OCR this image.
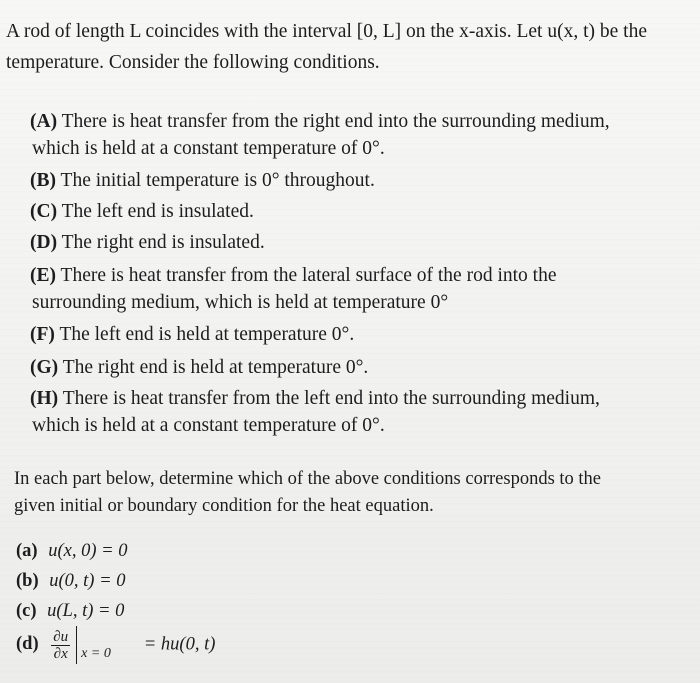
A rod of length L coincides with the interval [0, L] on the x-axis. Let u(x, t) be the
temperature. Consider the following conditions.
(A) There is heat transfer from the right end into the surrounding medium,
which is held at a constant temperature of 0°.
(B) The initial temperature is 0° throughout.
(C) The left end is insulated.
(D) The right end is insulated.
(E) There is heat transfer from the lateral surface of the rod into the
surrounding medium, which is held at temperature 0°
(F) The left end is held at temperature 0°.
(G) The right end is held at temperature 0°.
(H) There is heat transfer from the left end into the surrounding medium,
which is held at a constant temperature of 0°.
In each part below, determine which of the above conditions corresponds to the
given initial or boundary condition for the heat equation.
(a) u(x, 0) = 0
(b) u(0, t) = 0
(c) u(L, t) = 0
$(d) \frac{\partial u}{\partial x}$ x = 0 = hu(0, t)
